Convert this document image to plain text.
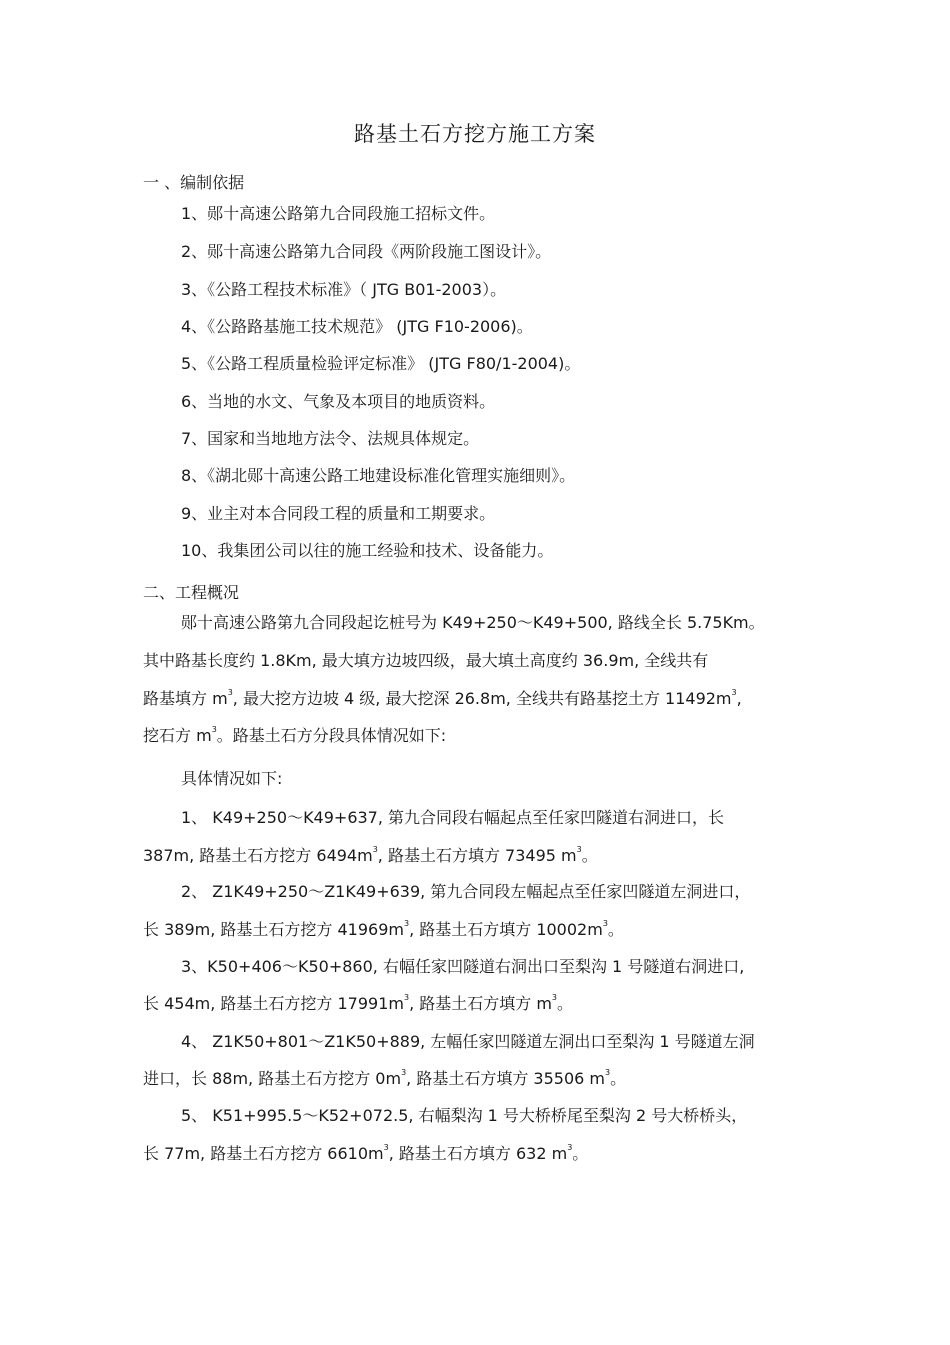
路基土石方挖方施工方案
一 、编制依据
1、郧十高速公路第九合同段施工招标文件。
2、郧十高速公路第九合同段《两阶段施工图设计》。
3、《公路工程技术标准》（ JTG B01-2003）。
4、《公路路基施工技术规范》 (JTG F10-2006)。
5、《公路工程质量检验评定标准》 (JTG F80/1-2004)。
6、当地的水文、气象及本项目的地质资料。
7、国家和当地地方法令、法规具体规定。
8、《湖北郧十高速公路工地建设标准化管理实施细则》。
9、业主对本合同段工程的质量和工期要求。
10、我集团公司以往的施工经验和技术、设备能力。
二、工程概况
郧十高速公路第九合同段起讫桩号为 K49+250～K49+500, 路线全长 5.75Km。
其中路基长度约 1.8Km, 最大填方边坡四级，最大填土高度约 36.9m, 全线共有
路基填方 $m^3$, 最大挖方边坡 4 级, 最大挖深 26.8m, 全线共有路基挖土方 $11492m^3$,
挖石方 $m^3$。路基土石方分段具体情况如下:
具体情况如下:
1、 K49+250～K49+637, 第九合同段右幅起点至任家凹隧道右洞进口，长
387m, 路基土石方挖方 $6494m^3$, 路基土石方填方 73495 $m^3$。
2、 Z1K49+250～Z1K49+639, 第九合同段左幅起点至任家凹隧道左洞进口，
长 389m, 路基土石方挖方 $41969m^3$, 路基土石方填方 $10002m^3$。
3、K50+406～K50+860, 右幅任家凹隧道右洞出口至梨沟 1 号隧道右洞进口,
长 454m, 路基土石方挖方 $17991m^3$, 路基土石方填方 $m^3$。
4、 Z1K50+801～Z1K50+889, 左幅任家凹隧道左洞出口至梨沟 1 号隧道左洞
进口，长 88m, 路基土石方挖方 $0m^3$, 路基土石方填方 35506 $m^3$。
5、 K51+995.5～K52+072.5, 右幅梨沟 1 号大桥桥尾至梨沟 2 号大桥桥头，
长 77m, 路基土石方挖方 $6610m^3$, 路基土石方填方 632 $m^3$。
